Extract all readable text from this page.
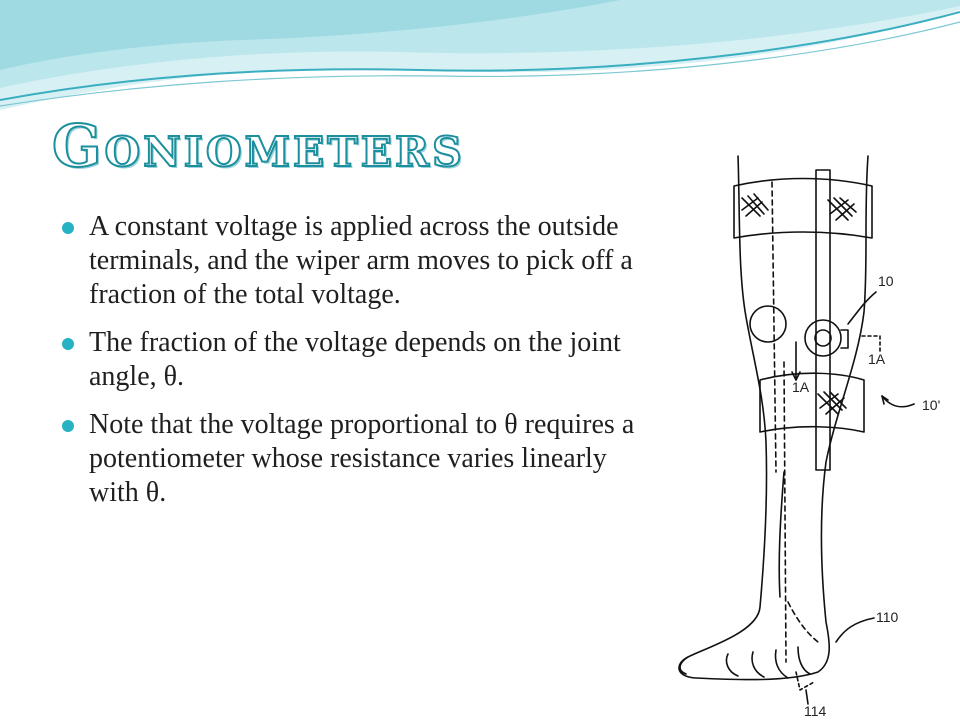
Goniometers
A constant voltage is applied across the outside terminals, and the wiper arm moves to pick off a fraction of the total voltage.
The fraction of the voltage depends on the joint angle, θ.
Note that the voltage proportional to θ requires a potentiometer whose resistance varies linearly with θ.
10
1A
1A
10'
110
114
